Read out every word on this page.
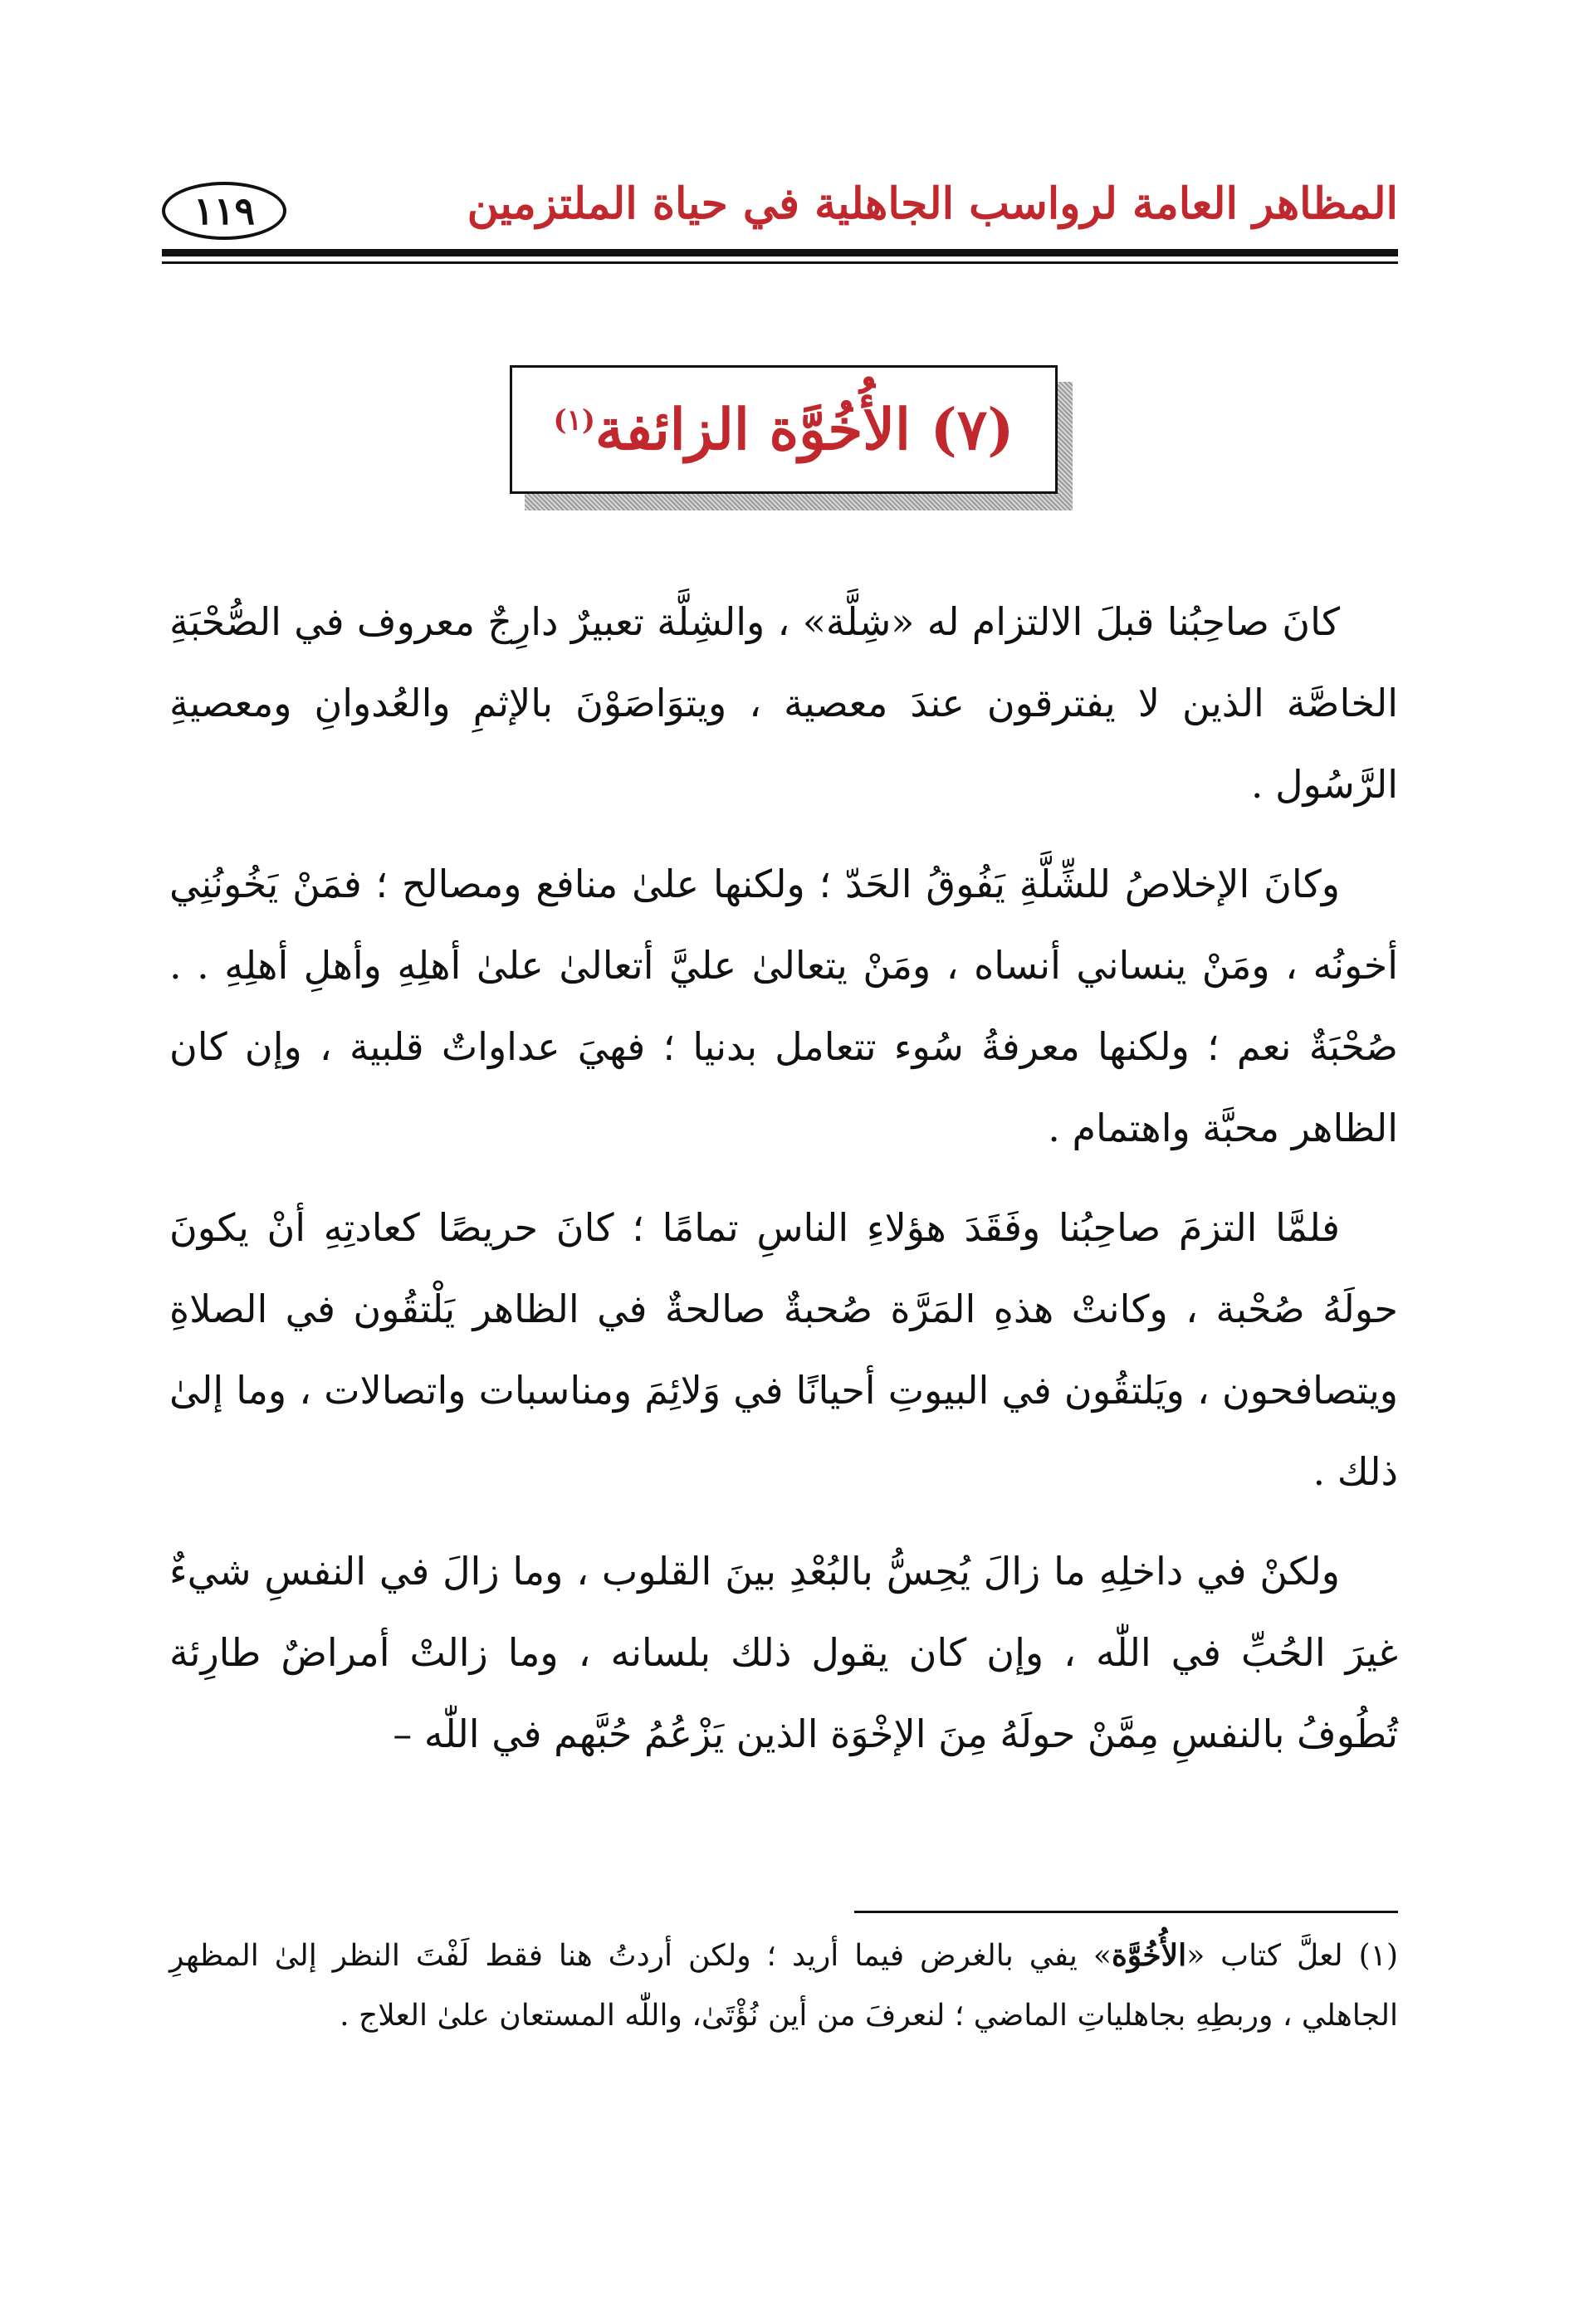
المظاهر العامة لرواسب الجاهلية في حياة الملتزمين
١١٩
(٧) الأُخُوَّة الزائفة$^{(١)}$

كانَ صاحِبُنا قبلَ الالتزام له «شِلَّة» ، والشِلَّة تعبيرٌ دارِجٌ معروف في الصُّحْبَةِ الخاصَّة الذين لا يفترقون عندَ معصية ، ويتوَاصَوْنَ بالإثمِ والعُدوانِ ومعصيةِ الرَّسُول .

وكانَ الإخلاصُ للشِّلَّةِ يَفُوقُ الحَدّ ؛ ولكنها علىٰ منافع ومصالح ؛ فمَنْ يَخُونُنِي أخونُه ، ومَنْ ينساني أنساه ، ومَنْ يتعالىٰ عليَّ أتعالىٰ علىٰ أهلِهِ وأهلِ أهلِهِ . . صُحْبَةٌ نعم ؛ ولكنها معرفةُ سُوء تتعامل بدنيا ؛ فهيَ عداواتٌ قلبية ، وإن كان الظاهر محبَّة واهتمام .

فلمَّا التزمَ صاحِبُنا وفَقَدَ هؤلاءِ الناسِ تمامًا ؛ كانَ حريصًا كعادتِهِ أنْ يكونَ حولَهُ صُحْبة ، وكانتْ هذهِ المَرَّة صُحبةٌ صالحةٌ في الظاهر يَلْتقُون في الصلاةِ ويتصافحون ، ويَلتقُون في البيوتِ أحيانًا في وَلائِمَ ومناسبات واتصالات ، وما إلىٰ ذلك .

ولكنْ في داخلِهِ ما زالَ يُحِسُّ بالبُعْدِ بينَ القلوب ، وما زالَ في النفسِ شيءٌ غيرَ الحُبِّ في اللّٰه ، وإن كان يقول ذلك بلسانه ، وما زالتْ أمراضٌ طارِئة تُطُوفُ بالنفسِ مِمَّنْ حولَهُ مِنَ الإخْوَة الذين يَزْعُمُ حُبَّهم في اللّٰه –

(١) لعلَّ كتاب «الأُخُوَّة» يفي بالغرض فيما أريد ؛ ولكن أردتُ هنا فقط لَفْتَ النظر إلىٰ المظهرِ الجاهلي ، وربطِهِ بجاهلياتِ الماضي ؛ لنعرفَ من أين نُؤْتَىٰ، واللّٰه المستعان علىٰ العلاج .
